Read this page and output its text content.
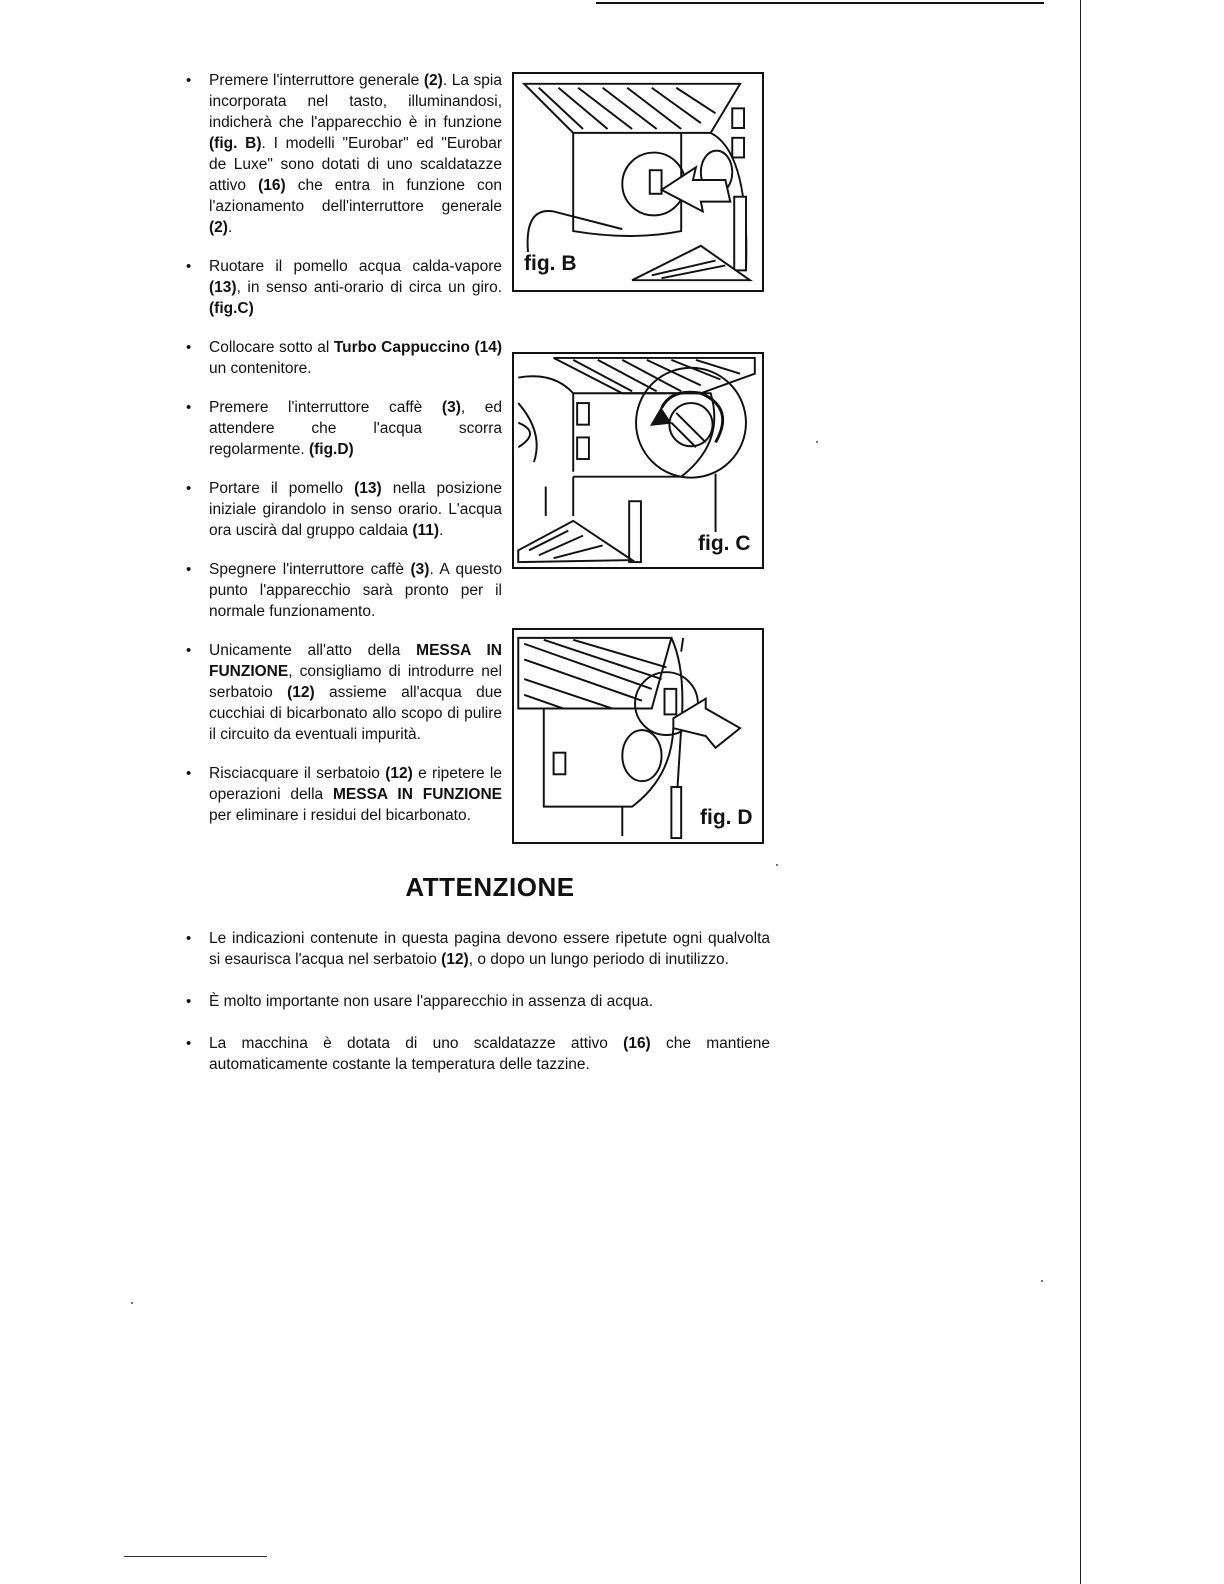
• Premere l'interruttore generale (2). La spia incorporata nel tasto, illuminandosi, indicherà che l'apparecchio è in funzione (fig. B). I modelli "Eurobar" ed "Eurobar de Luxe" sono dotati di uno scaldatazze attivo (16) che entra in funzione con l'azionamento dell'interruttore generale (2).
• Ruotare il pomello acqua calda-vapore (13), in senso anti-orario di circa un giro.(fig.C)
• Collocare sotto al Turbo Cappuccino (14) un contenitore.
• Premere l'interruttore caffè (3), ed attendere che l'acqua scorra regolarmente. (fig.D)
• Portare il pomello (13) nella posizione iniziale girandolo in senso orario. L'acqua ora uscirà dal gruppo caldaia (11).
• Spegnere l'interruttore caffè (3). A questo punto l'apparecchio sarà pronto per il normale funzionamento.
• Unicamente all'atto della MESSA IN FUNZIONE, consigliamo di introdurre nel serbatoio (12) assieme all'acqua due cucchiai di bicarbonato allo scopo di pulire il circuito da eventuali impurità.
• Risciacquare il serbatoio (12) e ripetere le operazioni della MESSA IN FUNZIONE per eliminare i residui del bicarbonato.
fig. B
fig. C
fig. D
ATTENZIONE
• Le indicazioni contenute in questa pagina devono essere ripetute ogni qualvolta si esaurisca l'acqua nel serbatoio (12), o dopo un lungo periodo di inutilizzo.
• È molto importante non usare l'apparecchio in assenza di acqua.
• La macchina è dotata di uno scaldatazze attivo (16) che mantiene automaticamente costante la temperatura delle tazzine.
